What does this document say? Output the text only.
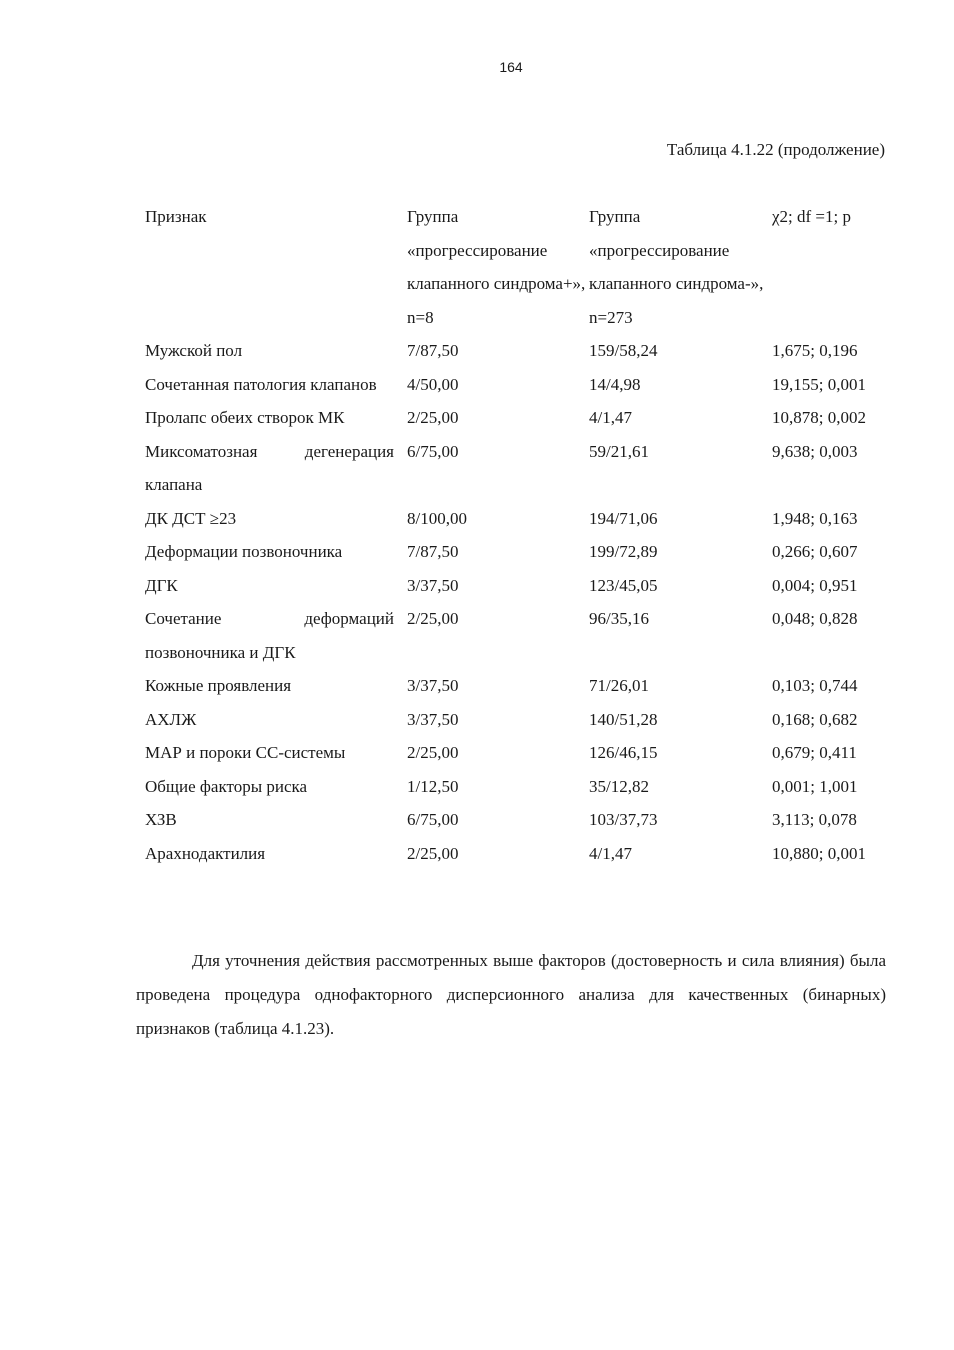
164
Таблица 4.1.22 (продолжение)
Признак	Группа «прогрессирование клапанного синдрома+», n=8	Группа «прогрессирование клапанного синдрома-», n=273	χ2; df =1; p
Мужской пол	7/87,50	159/58,24	1,675; 0,196
Сочетанная патология клапанов	4/50,00	14/4,98	19,155; 0,001
Пролапс обеих створок МК	2/25,00	4/1,47	10,878; 0,002
Миксоматозная дегенерация клапана	6/75,00	59/21,61	9,638; 0,003
ДК ДСТ ≥23	8/100,00	194/71,06	1,948; 0,163
Деформации позвоночника	7/87,50	199/72,89	0,266; 0,607
ДГК	3/37,50	123/45,05	0,004; 0,951
Сочетание деформаций позвоночника и ДГК	2/25,00	96/35,16	0,048; 0,828
Кожные проявления	3/37,50	71/26,01	0,103; 0,744
АХЛЖ	3/37,50	140/51,28	0,168; 0,682
МАР и пороки СС-системы	2/25,00	126/46,15	0,679; 0,411
Общие факторы риска	1/12,50	35/12,82	0,001; 1,001
ХЗВ	6/75,00	103/37,73	3,113; 0,078
Арахнодактилия	2/25,00	4/1,47	10,880; 0,001

Для уточнения действия рассмотренных выше факторов (достоверность и сила влияния) была проведена процедура однофакторного дисперсионного анализа для качественных (бинарных) признаков (таблица 4.1.23).
